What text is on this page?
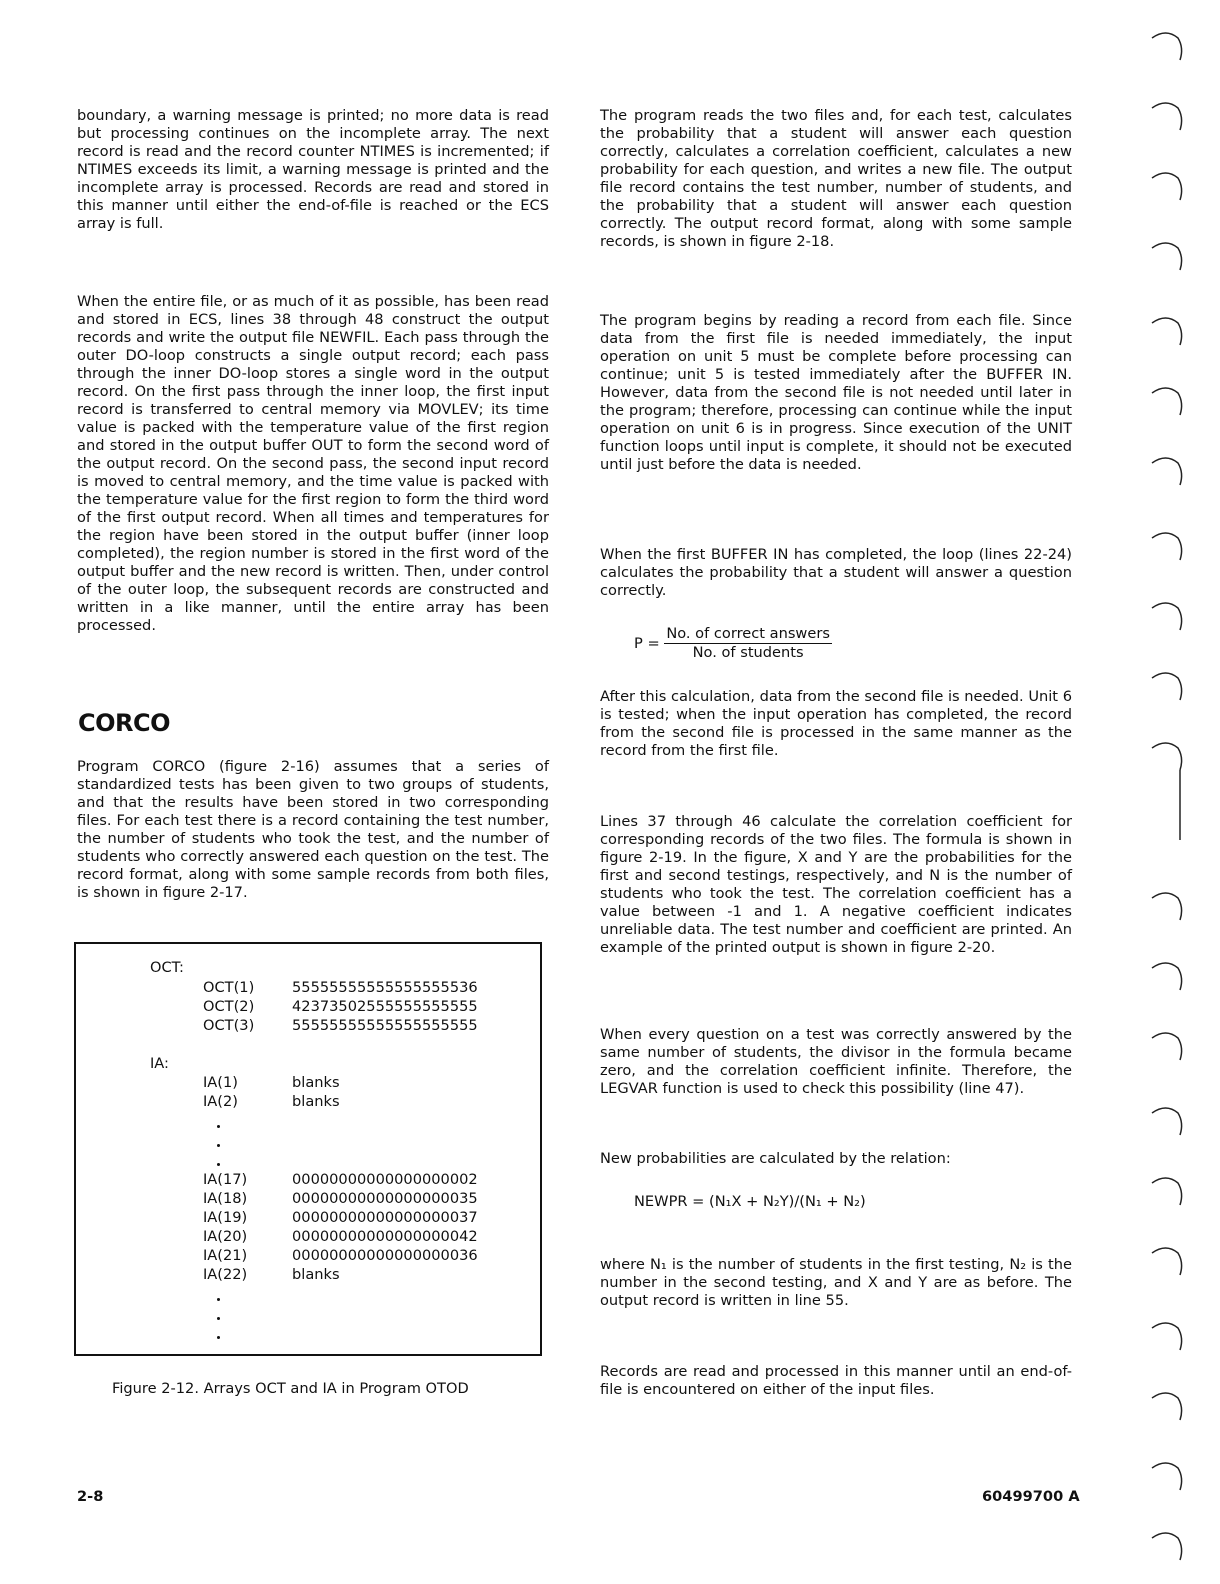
boundary, a warning message is printed; no more data is read but processing continues on the incomplete array. The next record is read and the record counter NTIMES is incremented; if NTIMES exceeds its limit, a warning message is printed and the incomplete array is processed. Records are read and stored in this manner until either the end-of-file is reached or the ECS array is full.

When the entire file, or as much of it as possible, has been read and stored in ECS, lines 38 through 48 construct the output records and write the output file NEWFIL. Each pass through the outer DO-loop constructs a single output record; each pass through the inner DO-loop stores a single word in the output record. On the first pass through the inner loop, the first input record is transferred to central memory via MOVLEV; its time value is packed with the temperature value of the first region and stored in the output buffer OUT to form the second word of the output record. On the second pass, the second input record is moved to central memory, and the time value is packed with the temperature value for the first region to form the third word of the first output record. When all times and temperatures for the region have been stored in the output buffer (inner loop completed), the region number is stored in the first word of the output buffer and the new record is written. Then, under control of the outer loop, the subsequent records are constructed and written in a like manner, until the entire array has been processed.

CORCO

Program CORCO (figure 2-16) assumes that a series of standardized tests has been given to two groups of students, and that the results have been stored in two corresponding files. For each test there is a record containing the test number, the number of students who took the test, and the number of students who correctly answered each question on the test. The record format, along with some sample records from both files, is shown in figure 2-17.

OCT:
OCT(1)	55555555555555555536
OCT(2)	42373502555555555555
OCT(3)	55555555555555555555
IA:
IA(1)	blanks
IA(2)	blanks
IA(17)	00000000000000000002
IA(18)	00000000000000000035
IA(19)	00000000000000000037
IA(20)	00000000000000000042
IA(21)	00000000000000000036
IA(22)	blanks
Figure 2-12. Arrays OCT and IA in Program OTOD

The program reads the two files and, for each test, calculates the probability that a student will answer each question correctly, calculates a correlation coefficient, calculates a new probability for each question, and writes a new file. The output file record contains the test number, number of students, and the probability that a student will answer each question correctly. The output record format, along with some sample records, is shown in figure 2-18.

The program begins by reading a record from each file. Since data from the first file is needed immediately, the input operation on unit 5 must be complete before processing can continue; unit 5 is tested immediately after the BUFFER IN. However, data from the second file is not needed until later in the program; therefore, processing can continue while the input operation on unit 6 is in progress. Since execution of the UNIT function loops until input is complete, it should not be executed until just before the data is needed.

When the first BUFFER IN has completed, the loop (lines 22-24) calculates the probability that a student will answer a question correctly.

$P = \frac{\text{No. of correct answers}}{\text{No. of students}}$

After this calculation, data from the second file is needed. Unit 6 is tested; when the input operation has completed, the record from the second file is processed in the same manner as the record from the first file.

Lines 37 through 46 calculate the correlation coefficient for corresponding records of the two files. The formula is shown in figure 2-19. In the figure, X and Y are the probabilities for the first and second testings, respectively, and N is the number of students who took the test. The correlation coefficient has a value between -1 and 1. A negative coefficient indicates unreliable data. The test number and coefficient are printed. An example of the printed output is shown in figure 2-20.

When every question on a test was correctly answered by the same number of students, the divisor in the formula became zero, and the correlation coefficient infinite. Therefore, the LEGVAR function is used to check this possibility (line 47).

New probabilities are calculated by the relation:

NEWPR = (N₁X + N₂Y)/(N₁ + N₂)

where N₁ is the number of students in the first testing, N₂ is the number in the second testing, and X and Y are as before. The output record is written in line 55.

Records are read and processed in this manner until an end-of-file is encountered on either of the input files.

2-8	60499700 A
